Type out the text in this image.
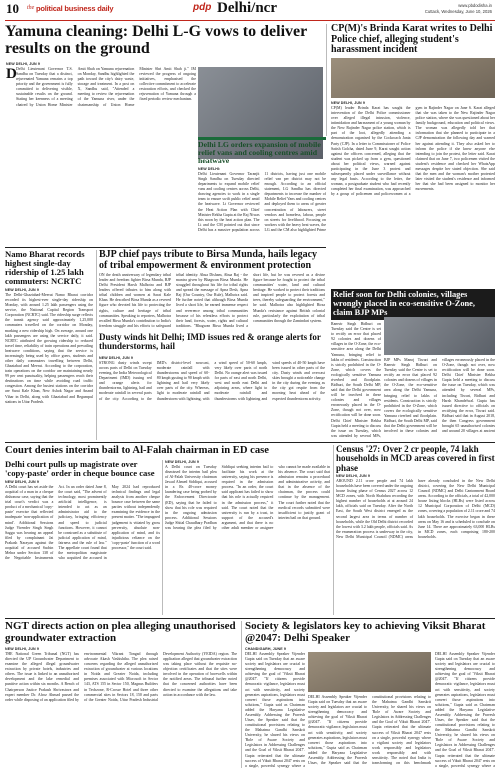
10 the political business daily	pdp Delhi/ncr	www.pbdodisha.in
Cuttack, Wednesday, June 10, 2026
Yamuna cleaning: Delhi L-G vows to deliver results on the ground
NEW DELHI, JUN 9
D Delhi Lieutenant Governor T.S. Sandhu on Tuesday that a distinct, rejuvenated Yamuna remains a top priority and the government is fully committed to delivering visible, sustainable results on the ground. Stating her keenness of a meeting chaired by Union Home Minister Amit Shah on Yamuna rejuvenation on Monday, Sandhu highlighted the path toward the city's dairy waste, storage and treatment. In a post on X, Sandhu said, "Attended a meeting to review the rejuvenation of the Yamuna river, under the chairmanship of Union Home Minister Shri Amit Shah ji." IM reviewed the progress of ongoing initiatives, emphasised the collective commitment to accelerate restoration efforts, and checked the rejuvenation of Yamuna through a fixed periodic review mechanism.
CP(M)'s Brinda Karat writes to Delhi Police chief, alleging student's harassment incident
NEW DELHI, JUN 9
CP(M) leader Brinda Karat has sought the intervention of the Delhi Police commissioner over alleged illegal intrusion, violence, intimidation and harassment of a young woman by the New Rajinder Nagar police station, which is part of the loot, allegedly attending a demonstration organised by the Cockroach Janta Party (CJP). In a letter to Commissioner of Police Satish Golcha, dated June 9, Karat sought action against the officers concerned, alleging that the student was picked up from a gym, questioned about her political views, warned against participating in the June 3 protest and subsequently placed under surveillance without any legal basis. According to the letter, the woman, a postgraduate student who had recently completed her final examination, was approached by a group of policemen and policewomen at a gym in Rajinder Nagar on June 6. Karat alleged that she was taken to the New Rajinder Nagar police station, where she was questioned about her family background, education and political views. The woman was allegedly told her that information that she planned to participate in a CJP demonstration the following day and warned her against attending it. They also asked her to inform the police if she knew anyone else intending to join the protest, the letter said. Karat claimed that on June 7, two policemen visited the student's residence and checked her WhatsApp messages despite her stated objection. She said that the men and the woman's mother protested later visited the student's residence and informed her that she had been assigned to monitor her movements.
Delhi LG orders expansion of mobile relief vans and cooling centres amid heatwave
NEW DELHI:
Delhi Lieutenant Governor Taranjit Singh Sandhu on Tuesday directed departments to expand mobile relief vans and cooling centres across Delhi, drawing agencies to work in a single team to ensure swift public relief amid the heatwave. Lt Governor reviewed the Heat Action Plan with Chief Minister Rekha Gupta at the Raj Niwas this noon by the heat action plan. The Lt and the CM pointed out that since Delhi has a massive population across 11 districts, having just one mobile relief van per district may not be enough. According to an official statement, LG Sandhu has directed departments to increase the number of Mobile Relief Vans and cooling centres and deployed them to areas of greater concentration of labourers, street vendors and homeless, labour, people on streets for livelihood. Focusing on workers with the heavy heat waves, the LG and the CM also highlighted Prime
Namo Bharat records highest single-day ridership of 1.25 lakh commuters: NCRTC
NEW DELHI, JUN 9
The Delhi-Ghaziabad-Meerut Namo Bharat corridor recorded its highest-ever single-day ridership on Monday, with around 1.25 lakh passengers using the service, the National Capital Region Transport Corporation (NCRTC) said. The ridership surge reflects the transit agency said approximately 1,25,000 commuters travelled on the corridor on Monday, marking a new ridership high. On average, around one lakh passengers are using the service daily, it said. NCRTC attributed the growing ridership to reduced travel time, reliability of train operations and prevailing heatwave conditions, saying that the service is increasingly being used by office goers, students and other daily commuters travelling between Delhi, Ghaziabad and Meerut. According to the corporation, train operations on the corridor are maintaining nearly 99 per cent punctuality, helping passengers reach their destinations on time while avoiding road traffic congestion. Among the busiest stations on the corridor are Sarai Kale Khan, New Ashok Nagar and Anand Vihar in Delhi, along with Ghaziabad and Begumpul stations in Uttar Pradesh.
BJP chief pays tribute to Birsa Munda, hails legacy of tribal empowerment & environment protection
ON the death anniversary of legendary tribal leader and freedom fighter Birsa Munda, BJP Delhi President Harsh Malhotra and BJP leaders offered tributes to him along with tribal children and women at Sarai Kale Khan. He described Birsa Munda as a revered figure who devoted his life to protecting the rights, culture and heritage of tribal communities. Speaking to reporters, Malhotra recalled Birsa Munda's contribution to India's freedom struggle and his efforts to safeguard tribal identity. Abua Disham, Abua Raj - the mantra given by Bhagwan Birsa Munda. He struggled throughout his life for tribal rights and spread the message of Apna Desh, Apna Raj (Our Country, Our Rule), Malhotra said. He further noted that although Birsa Munda lived a short life, he earned immense respect and reverence among tribal communities because of his relentless efforts to protect their land, forests, water, rights and cultural traditions. "Bhagwan Birsa Munda lived a short life, but he was revered as a divine figure because he fought to protect the tribal communities' water, land and cultural heritage. He worked to protect their traditions and inspired people to protect forests and trees, thereby safeguarding the environment," he said. Malhotra also highlighted Birsa Munda's resistance against British colonial rule, particularly the exploitation of tribal communities through the Zamindari system.
Dusty winds hit Delhi; IMD issues red & orange alerts for thunderstorms, hail
NEW DELHI, JUN 9
STRONG dusty winds swept across parts of Delhi on Tuesday evening, the India Meteorological Department (IMD) issuing red and orange alerts for thunderstorms, lightning, hail and moderate rainfall in several parts of the city. According to the IMD's district-level nowcast, moderate rainfall with thunderstorms and speed of 60-80 kmph gusting to 90 kmph with lightning and hail very likely over parts of the city. Whereas, light to moderate rainfall and thunderstorm with lightning, with a wind speed of 50-60 kmph, very likely over parts of north Delhi. No orange alert was issued for parts of east and north Delhi, west and north east Delhi and adjoining areas, where light to moderate rainfall and thunderstorms with lightning and wind speeds of 40-50 kmph have been issued in other parts of the city. Dusty winds and overcast skies brought a noticeable change in the city during the evening as the city got respite from the morning heat ahead of the expected thunderstorm activity.
Relief soon for Delhi colonies, villages wrongly placed in eco-sensitive O-Zone, claim BJP MPs
BJP MPs Manoj Tiwari and Ramvir Singh Bidhuri on Tuesday said the Centre is set to rectify an error that placed 92 colonies and dozens of villages in the O-Zone, the eco-sensitive area along the Delhi Yamuna, bringing relief to lakhs of residents. Construction is strictly prohibited in the O-Zone, which covers the ecologically sensitive Yamuna riverbed and floodplain. Bidhuri, the South Delhi MP, said that the Delhi government will be involved in these colonies and villages erroneously placed in the O-Zone, though not over, now rectification will be done soon. Delhi Chief Minister Rekha Gupta held a meeting to discuss the issue on Tuesday, which was attended by several MPs,
BJP MPs Manoj Tiwari and Ramvir Singh Bidhuri on Tuesday said the Centre is set to rectify an error that placed 92 colonies and dozens of villages in the O-Zone, the eco-sensitive area along the Delhi Yamuna, bringing relief to lakhs of residents. Construction is strictly prohibited in the O-Zone, which covers the ecologically sensitive Yamuna riverbed and floodplain. Bidhuri, the South Delhi MP, said that the Delhi government will be involved in these colonies and villages erroneously placed in the O-Zone, though not over, now rectification will be done soon. Delhi Chief Minister Rekha Gupta held a meeting to discuss the issue on Tuesday, which was attended by several MPs, including Tiwari, Bidhuri and Harsh Khandelwal. Gupta has issued directive to officials on rectifying the error, Tiwari said. Bidhuri said that in August 2018, the then Congress government brought 65 unauthorised colonies and around 20 villages at ancient
Court denies interim bail to Al-Falah chairman in ED case
NEW DELHI, JUN 9
A Delhi court on Tuesday dismissed the interim bail plea of Al-Falah University chairman Jawad Ahmed Siddiqui, accused in a Rs 40-crore money laundering case being probed by the Enforcement Directorate (ED), saying that he failed to show that his role was required in the ongoing admission process. Additional Sessions Judge Shital Chaudhary Pradhan was hearing the plea filed by Siddiqui seeking interim bail to facilitate his work at the university, saying his presence is required in the admission process. "In an order, the court said applicant has failed to show that his role is actually required in the admission process," it said. The court noted that the university is run by a trust, in support of the accused's argument, and that there is no other adult member or assignee who cannot be made available in his absence. The court said that admission remains a procedural and administrative activity, and that in the absence of the chairman, the process could continue by the management. The court further noted that the medical records submitted were insufficient to justify grant of interim bail on that ground.
Delhi court pulls up magistrate over 'copy-paste' order in cheque bounce case
NEW DELHI, JUN 9
A Delhi court has set aside the acquittal of a man in a cheque dishonour case, saying that the trial court's verdict was a product of a mechanical 'copy-paste' exercise that reflected inadequate 'non-application of mind'. Additional Sessions Judge Virender Singh Singh Saggu was hearing an appeal filed by complainant Jai Prakash Narayan against the acquittal of accused Sachin Mehra under Section 138 of the Negotiable Instruments Act. In an order dated June 8, the court said, "The advent of technology, most prominently artificial intelligence, is intended to act as an administrator aid to the judiciary, bringing efficiency and speed to judicial functions. However, it cannot be construed as a substitute of judicial application of mind, fairness and the rule of law." The appellate court found that the metropolitan magistrate who acquitted the accused in May 2024 had reproduced technical findings and legal analysis from another cheque bounce case between the same parties without independently examining the evidence in the present matter. "The impugned judgement is vitiated by gross perversity, absolute non-application of mind, and its injudicious reliance on the 'copy-paste' function of a word processor," the court said.
Census '27: Over 2 cr people, 74 lakh households in MCD areas covered in first phase
NEW DELHI, JUN 9
AROUND 2.11 crore people and 74 lakh households have been covered under the ongoing house listing phase of Census 2027 across 12 MCD zones, with North Shahdara recording the highest number of households at at around 24 lakh, officials said on Tuesday. After the North East, the South West district emerged as the second largest area in terms of number of households, while the Old Delhi district recorded the lowest with 3.2 lakh people, officials said. As the enumeration process is underway in the city, New Delhi Municipal Council (NDMC) areas have already concluded in the New Delhi district, covering the New Delhi Municipal Council (NDMC) and Delhi Cantonment Board areas. According to the officials, a total of 42,000 house listing blocks (HLBs) were listed across 12 Municipal Corporation of Delhi (MCD) zones, covering a population of 2.11 crore and 74 lakh households. The exercise began in these areas on May 16 and is scheduled to conclude on June 14. There are approximately 63,000 HLBs in MCD zones, each comprising 180-200 households.
NGT directs action on plea alleging unauthorised groundwater extraction
NEW DELHI, JUN 9
THE National Green Tribunal (NGT) has directed the UP Groundwater Department to examine the alleged illegal groundwater extraction by private hotels, industries and others. The issue is linked to an unauthorised development and the lake remedial and punitive action within six months. A Bench of Chairperson Justice Prakash Shrivastava and expert member Dr. Afroz Ahmad passed the order while disposing of an application filed by environmental Vikrant Tongad through advocate Akash Vashishtha. The plea raised concerns regarding the alleged unauthorised extraction of groundwater at various locations in Noida and Greater Noida, including premises associated with Microsoft in Sector 143, ATS 155 in Sector 150, Magnus Builders in Techzone, R-Crosse Hotel and three other commercial sites in Sectors 18, 150 and parts of the Greater Noida, Uttar Pradesh Industrial Development Authority (YEIDA) region. The application alleged that groundwater extraction was taking place without the requisite no-objection certificates and that the sites were involved in the operation of borewells within the notified areas. The tribunal further noted that the concerned authorities have been directed to examine the allegations and take action in accordance with the law.
Society & legislators key to achieving Viksit Bharat @2047: Delhi Speaker
CHANDIGARH, JUNE 9
DELHI Assembly Speaker Vijender Gupta said on Tuesday that an aware society and legislators are crucial to strengthening democracy and achieving the goal of 'Viksit Bharat @2047'. "If citizens provide democratic vigilance, legislators must act with sensitivity, and society generates aspirations, legislators must convert those aspirations into solutions," Gupta said as Chairman added the Haryana Legislative Assembly. Addressing the Pravesh Utsav, the Speaker said that the constitutional provisions relating to the Mahatma Gandhi Sanskrit University, he shared his views on 'Role of Aware Society and Legislators in Addressing Challenges and the Goal of Viksit Bharat 2047'. Gupta reiterated that the ultimate success of Viksit Bharat 2047 rests on a single, powerful synergy where a
DELHI Assembly Speaker Vijender Gupta said on Tuesday that an aware society and legislators are crucial to strengthening democracy and achieving the goal of 'Viksit Bharat @2047'. "If citizens provide democratic vigilance, legislators must act with sensitivity, and society generates aspirations, legislators must convert those aspirations into solutions," Gupta said as Chairman added the Haryana Legislative Assembly. Addressing the Pravesh Utsav, the Speaker said that the constitutional provisions relating to the Mahatma Gandhi Sanskrit University, he shared his views on 'Role of Aware Society and Legislators in Addressing Challenges and the Goal of Viksit Bharat 2047'. Gupta reiterated that the ultimate success of Viksit Bharat 2047 rests on a single, powerful synergy where a vigilant society and legislators work responsibly and legislators work responsibly and with sensitivity. The noted that India is transforming on this benchmark
DELHI Assembly Speaker Vijender Gupta said on Tuesday that an aware society and legislators are crucial to strengthening democracy and achieving the goal of 'Viksit Bharat @2047'. "If citizens provide democratic vigilance, legislators must act with sensitivity, and society generates aspirations, legislators must convert those aspirations into solutions," Gupta said as Chairman added the Haryana Legislative Assembly. Addressing the Pravesh Utsav, the Speaker said that the constitutional provisions relating to the Mahatma Gandhi Sanskrit University, he shared his views on 'Role of Aware Society and Legislators in Addressing Challenges and the Goal of Viksit Bharat 2047'. Gupta reiterated that the ultimate success of Viksit Bharat 2047 rests on a single, powerful synergy where a
